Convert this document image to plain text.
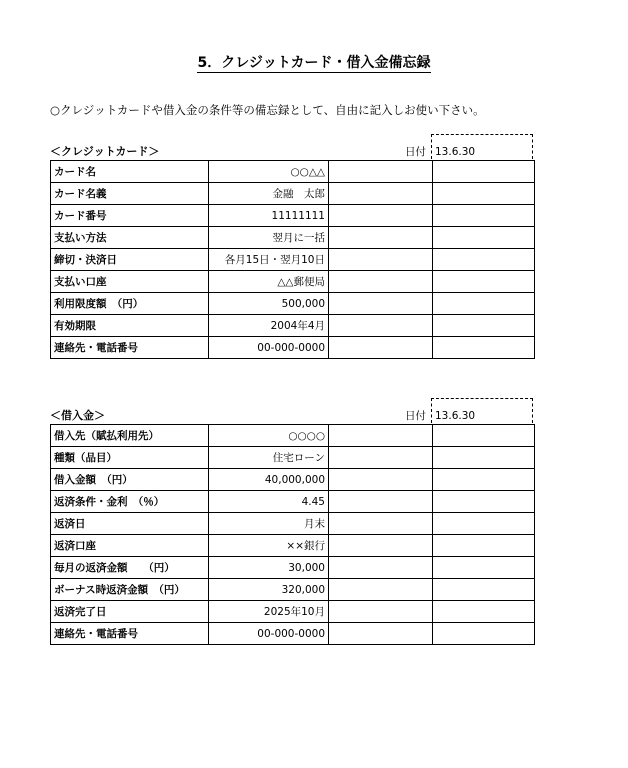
5．クレジットカード・借入金備忘録
○クレジットカードや借入金の条件等の備忘録として、自由に記入しお使い下さい。
＜クレジットカード＞	日付 13.6.30
カード名	○○△△		
カード名義	金融　太郎		
カード番号	11111111		
支払い方法	翌月に一括		
締切・決済日	各月15日・翌月10日		
支払い口座	△△郵便局		
利用限度額　（円）	500,000		
有効期限	2004年4月		
連絡先・電話番号	00-000-0000		
＜借入金＞	日付 13.6.30
借入先（賦払利用先）	○○○○		
種類（品目）	住宅ローン		
借入金額　（円）	40,000,000		
返済条件・金利　（％）	4.45		
返済日	月末		
返済口座	××銀行		
毎月の返済金額　　（円）	30,000		
ボーナス時返済金額　（円）	320,000		
返済完了日	2025年10月		
連絡先・電話番号	00-000-0000		
